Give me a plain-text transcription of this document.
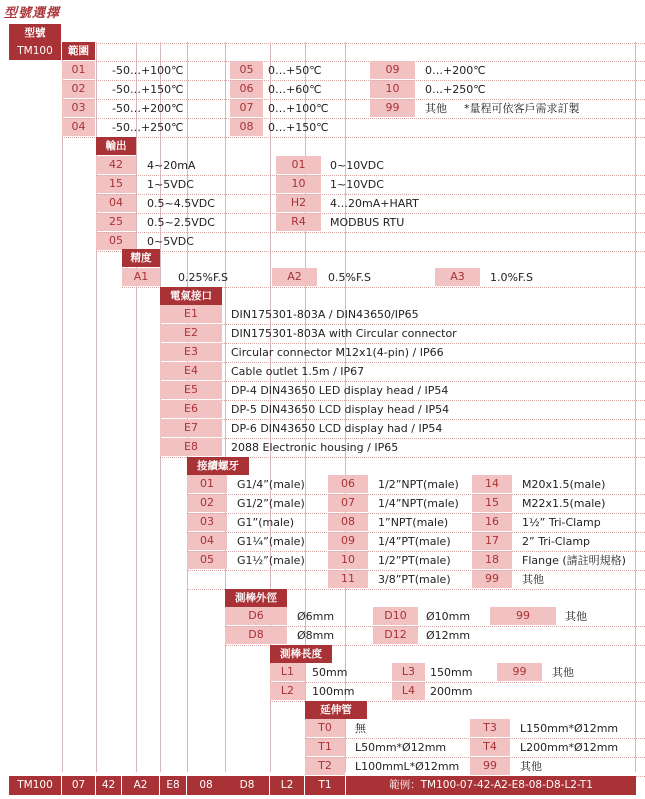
型號選擇
型號
TM100	範圍
01	-50…+100℃
02	-50…+150℃
03	-50…+200℃
04	-50…+250℃
05	0…+50℃
06	0…+60℃
07	0…+100℃
08	0…+150℃
09	0…+200℃
10	0…+250℃
99	其他 *量程可依客戶需求訂製
輸出
42	4~20mA
15	1~5VDC
04	0.5~4.5VDC
25	0.5~2.5VDC
05	0~5VDC
01	0~10VDC
10	1~10VDC
H2	4…20mA+HART
R4	MODBUS RTU
精度
A1	0.25%F.S	A2	0.5%F.S	A3	1.0%F.S
電氣接口
E1	DIN175301-803A / DIN43650/IP65
E2	DIN175301-803A with Circular connector
E3	Circular connector M12x1(4-pin) / IP66
E4	Cable outlet 1.5m / IP67
E5	DP-4 DIN43650 LED display head / IP54
E6	DP-5 DIN43650 LCD display head / IP54
E7	DP-6 DIN43650 LCD display had / IP54
E8	2088 Electronic housing / IP65
接續螺牙
01	G1/4”(male)
02	G1/2”(male)
03	G1”(male)
04	G1¼”(male)
05	G1½”(male)
06	1/2”NPT(male)
07	1/4”NPT(male)
08	1”NPT(male)
09	1/4”PT(male)
10	1/2”PT(male)
11	3/8”PT(male)
14	M20x1.5(male)
15	M22x1.5(male)
16	1½” Tri-Clamp
17	2” Tri-Clamp
18	Flange (請註明規格)
99	其他
測棒外徑
D6	Ø6mm
D8	Ø8mm
D10	Ø10mm
D12	Ø12mm
99	其他
測棒長度
L1	50mm
L2	100mm
L3	150mm
L4	200mm
99	其他
延伸管
T0	無
T1	L50mm*Ø12mm
T2	L100mmL*Ø12mm
T3	L150mm*Ø12mm
T4	L200mm*Ø12mm
99	其他
TM100	07	42	A2	E8	08	D8	L2	T1	範例：TM100-07-42-A2-E8-08-D8-L2-T1
